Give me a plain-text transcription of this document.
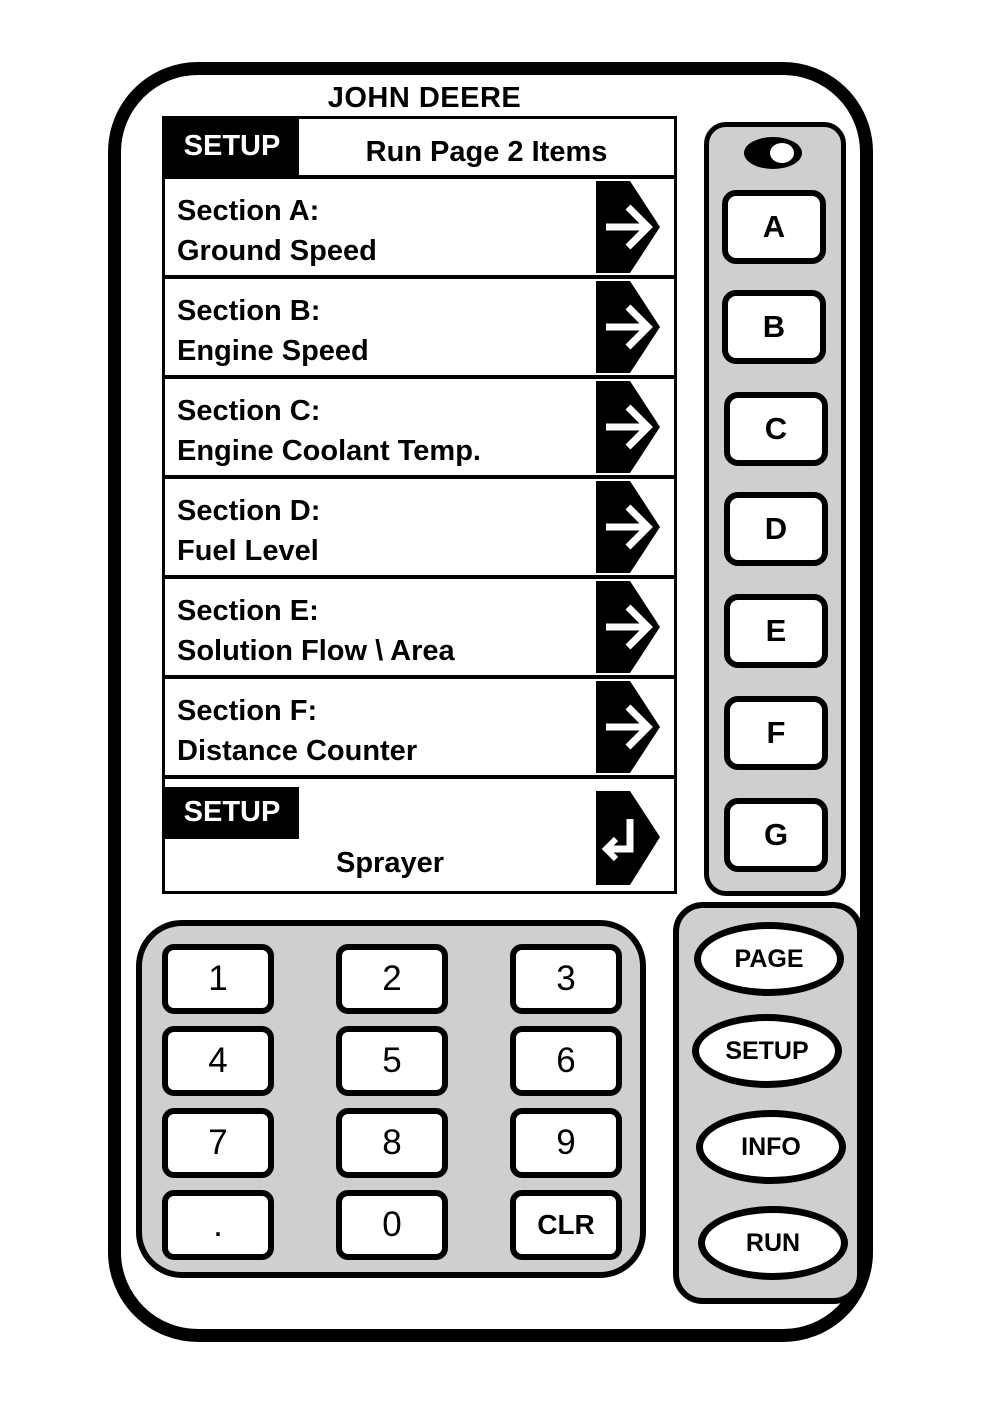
JOHN DEERE
SETUP	Run Page 2 Items
Section A:
Ground Speed
Section B:
Engine Speed
Section C:
Engine Coolant Temp.
Section D:
Fuel Level
Section E:
Solution Flow \ Area
Section F:
Distance Counter
SETUP
Sprayer
A
B
C
D
E
F
G
1	2	3
4	5	6
7	8	9
.	0	CLR
PAGE
SETUP
INFO
RUN
